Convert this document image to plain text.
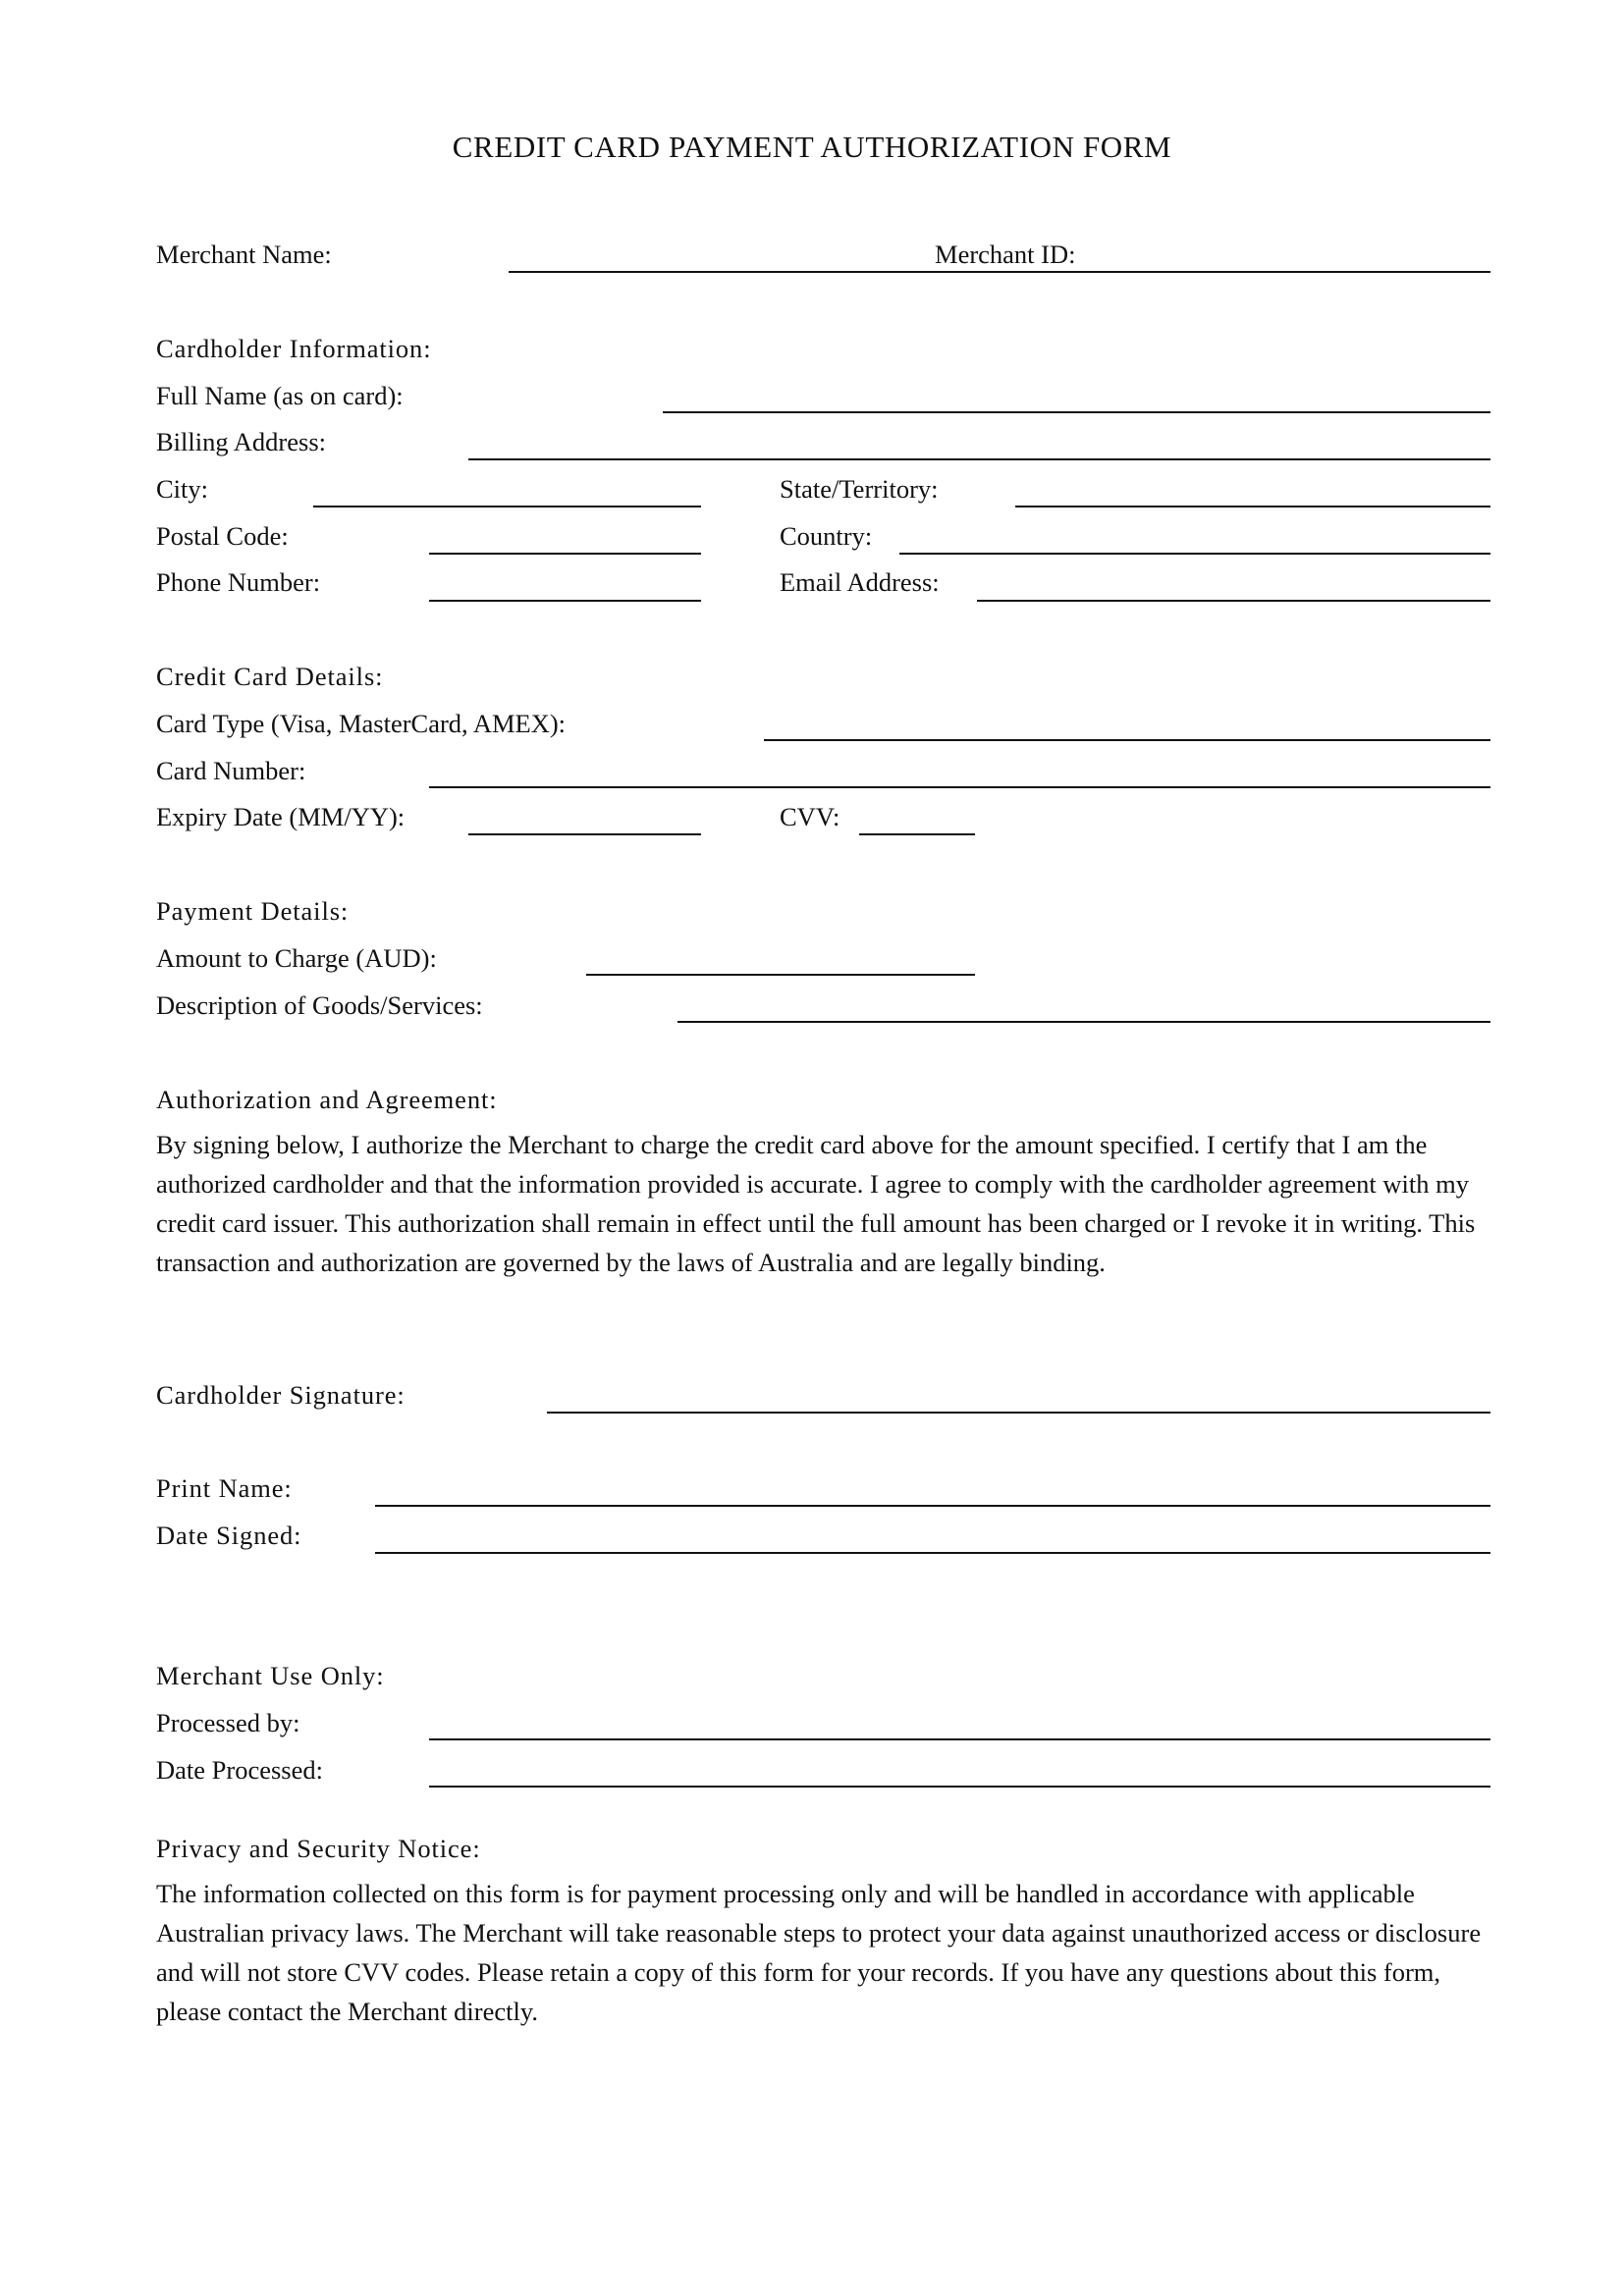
CREDIT CARD PAYMENT AUTHORIZATION FORM
Merchant Name:	Merchant ID:
Cardholder Information:
Full Name (as on card):
Billing Address:
City:	State/Territory:
Postal Code:	Country:
Phone Number:	Email Address:
Credit Card Details:
Card Type (Visa, MasterCard, AMEX):
Card Number:
Expiry Date (MM/YY):	CVV:
Payment Details:
Amount to Charge (AUD):
Description of Goods/Services:
Authorization and Agreement:
By signing below, I authorize the Merchant to charge the credit card above for the amount specified. I certify that I am the authorized cardholder and that the information provided is accurate. I agree to comply with the cardholder agreement with my credit card issuer. This authorization shall remain in effect until the full amount has been charged or I revoke it in writing. This transaction and authorization are governed by the laws of Australia and are legally binding.
Cardholder Signature:
Print Name:
Date Signed:
Merchant Use Only:
Processed by:
Date Processed:
Privacy and Security Notice:
The information collected on this form is for payment processing only and will be handled in accordance with applicable Australian privacy laws. The Merchant will take reasonable steps to protect your data against unauthorized access or disclosure and will not store CVV codes. Please retain a copy of this form for your records. If you have any questions about this form, please contact the Merchant directly.
